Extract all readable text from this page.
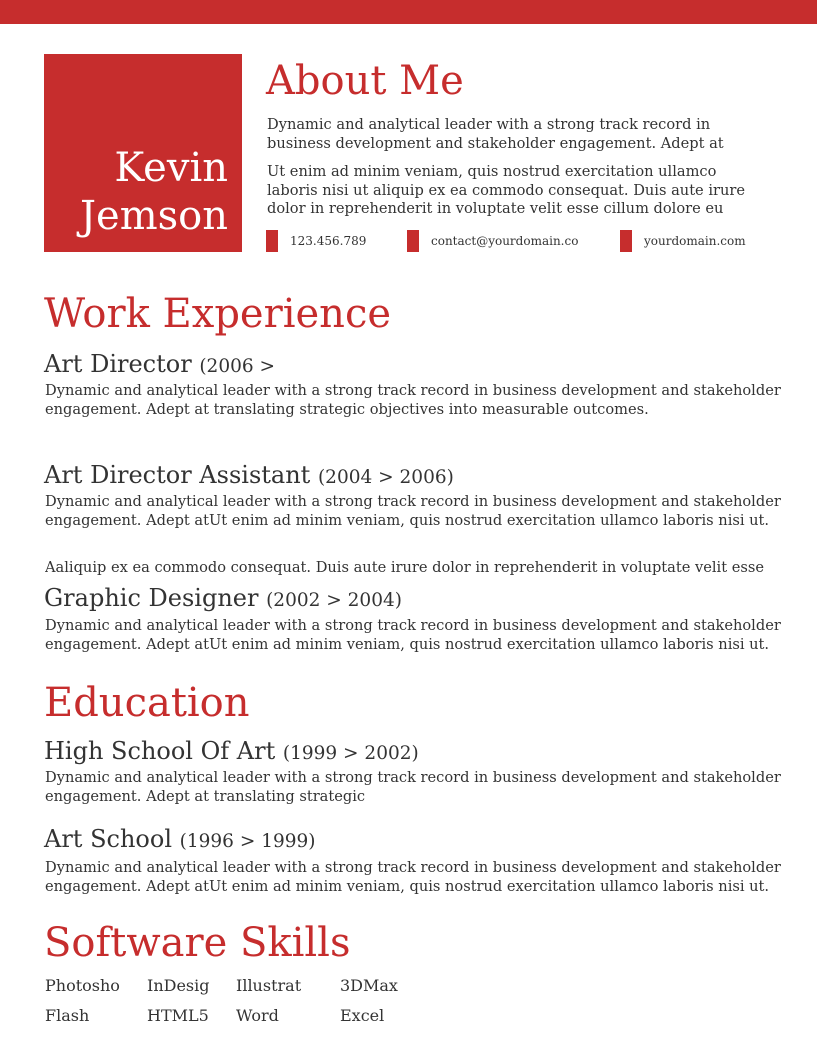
Kevin
Jemson
About Me

Dynamic and analytical leader with a strong track record in business development and stakeholder engagement. Adept at

Ut enim ad minim veniam, quis nostrud exercitation ullamco laboris nisi ut aliquip ex ea commodo consequat. Duis aute irure dolor in reprehenderit in voluptate velit esse cillum dolore eu

123.456.789	contact@yourdomain.co	yourdomain.com
Work Experience
Art Director (2006 >

Dynamic and analytical leader with a strong track record in business development and stakeholder engagement. Adept at translating strategic objectives into measurable outcomes.

Art Director Assistant (2004 > 2006)

Dynamic and analytical leader with a strong track record in business development and stakeholder engagement. Adept atUt enim ad minim veniam, quis nostrud exercitation ullamco laboris nisi ut.

Aaliquip ex ea commodo consequat. Duis aute irure dolor in reprehenderit in voluptate velit esse

Graphic Designer (2002 > 2004)

Dynamic and analytical leader with a strong track record in business development and stakeholder engagement. Adept atUt enim ad minim veniam, quis nostrud exercitation ullamco laboris nisi ut.

Education
High School Of Art (1999 > 2002)

Dynamic and analytical leader with a strong track record in business development and stakeholder engagement. Adept at translating strategic

Art School (1996 > 1999)

Dynamic and analytical leader with a strong track record in business development and stakeholder engagement. Adept atUt enim ad minim veniam, quis nostrud exercitation ullamco laboris nisi ut.

Software Skills
Photosho InDesig Illustrat 3DMax
Flash	HTML5 Word	Excel
